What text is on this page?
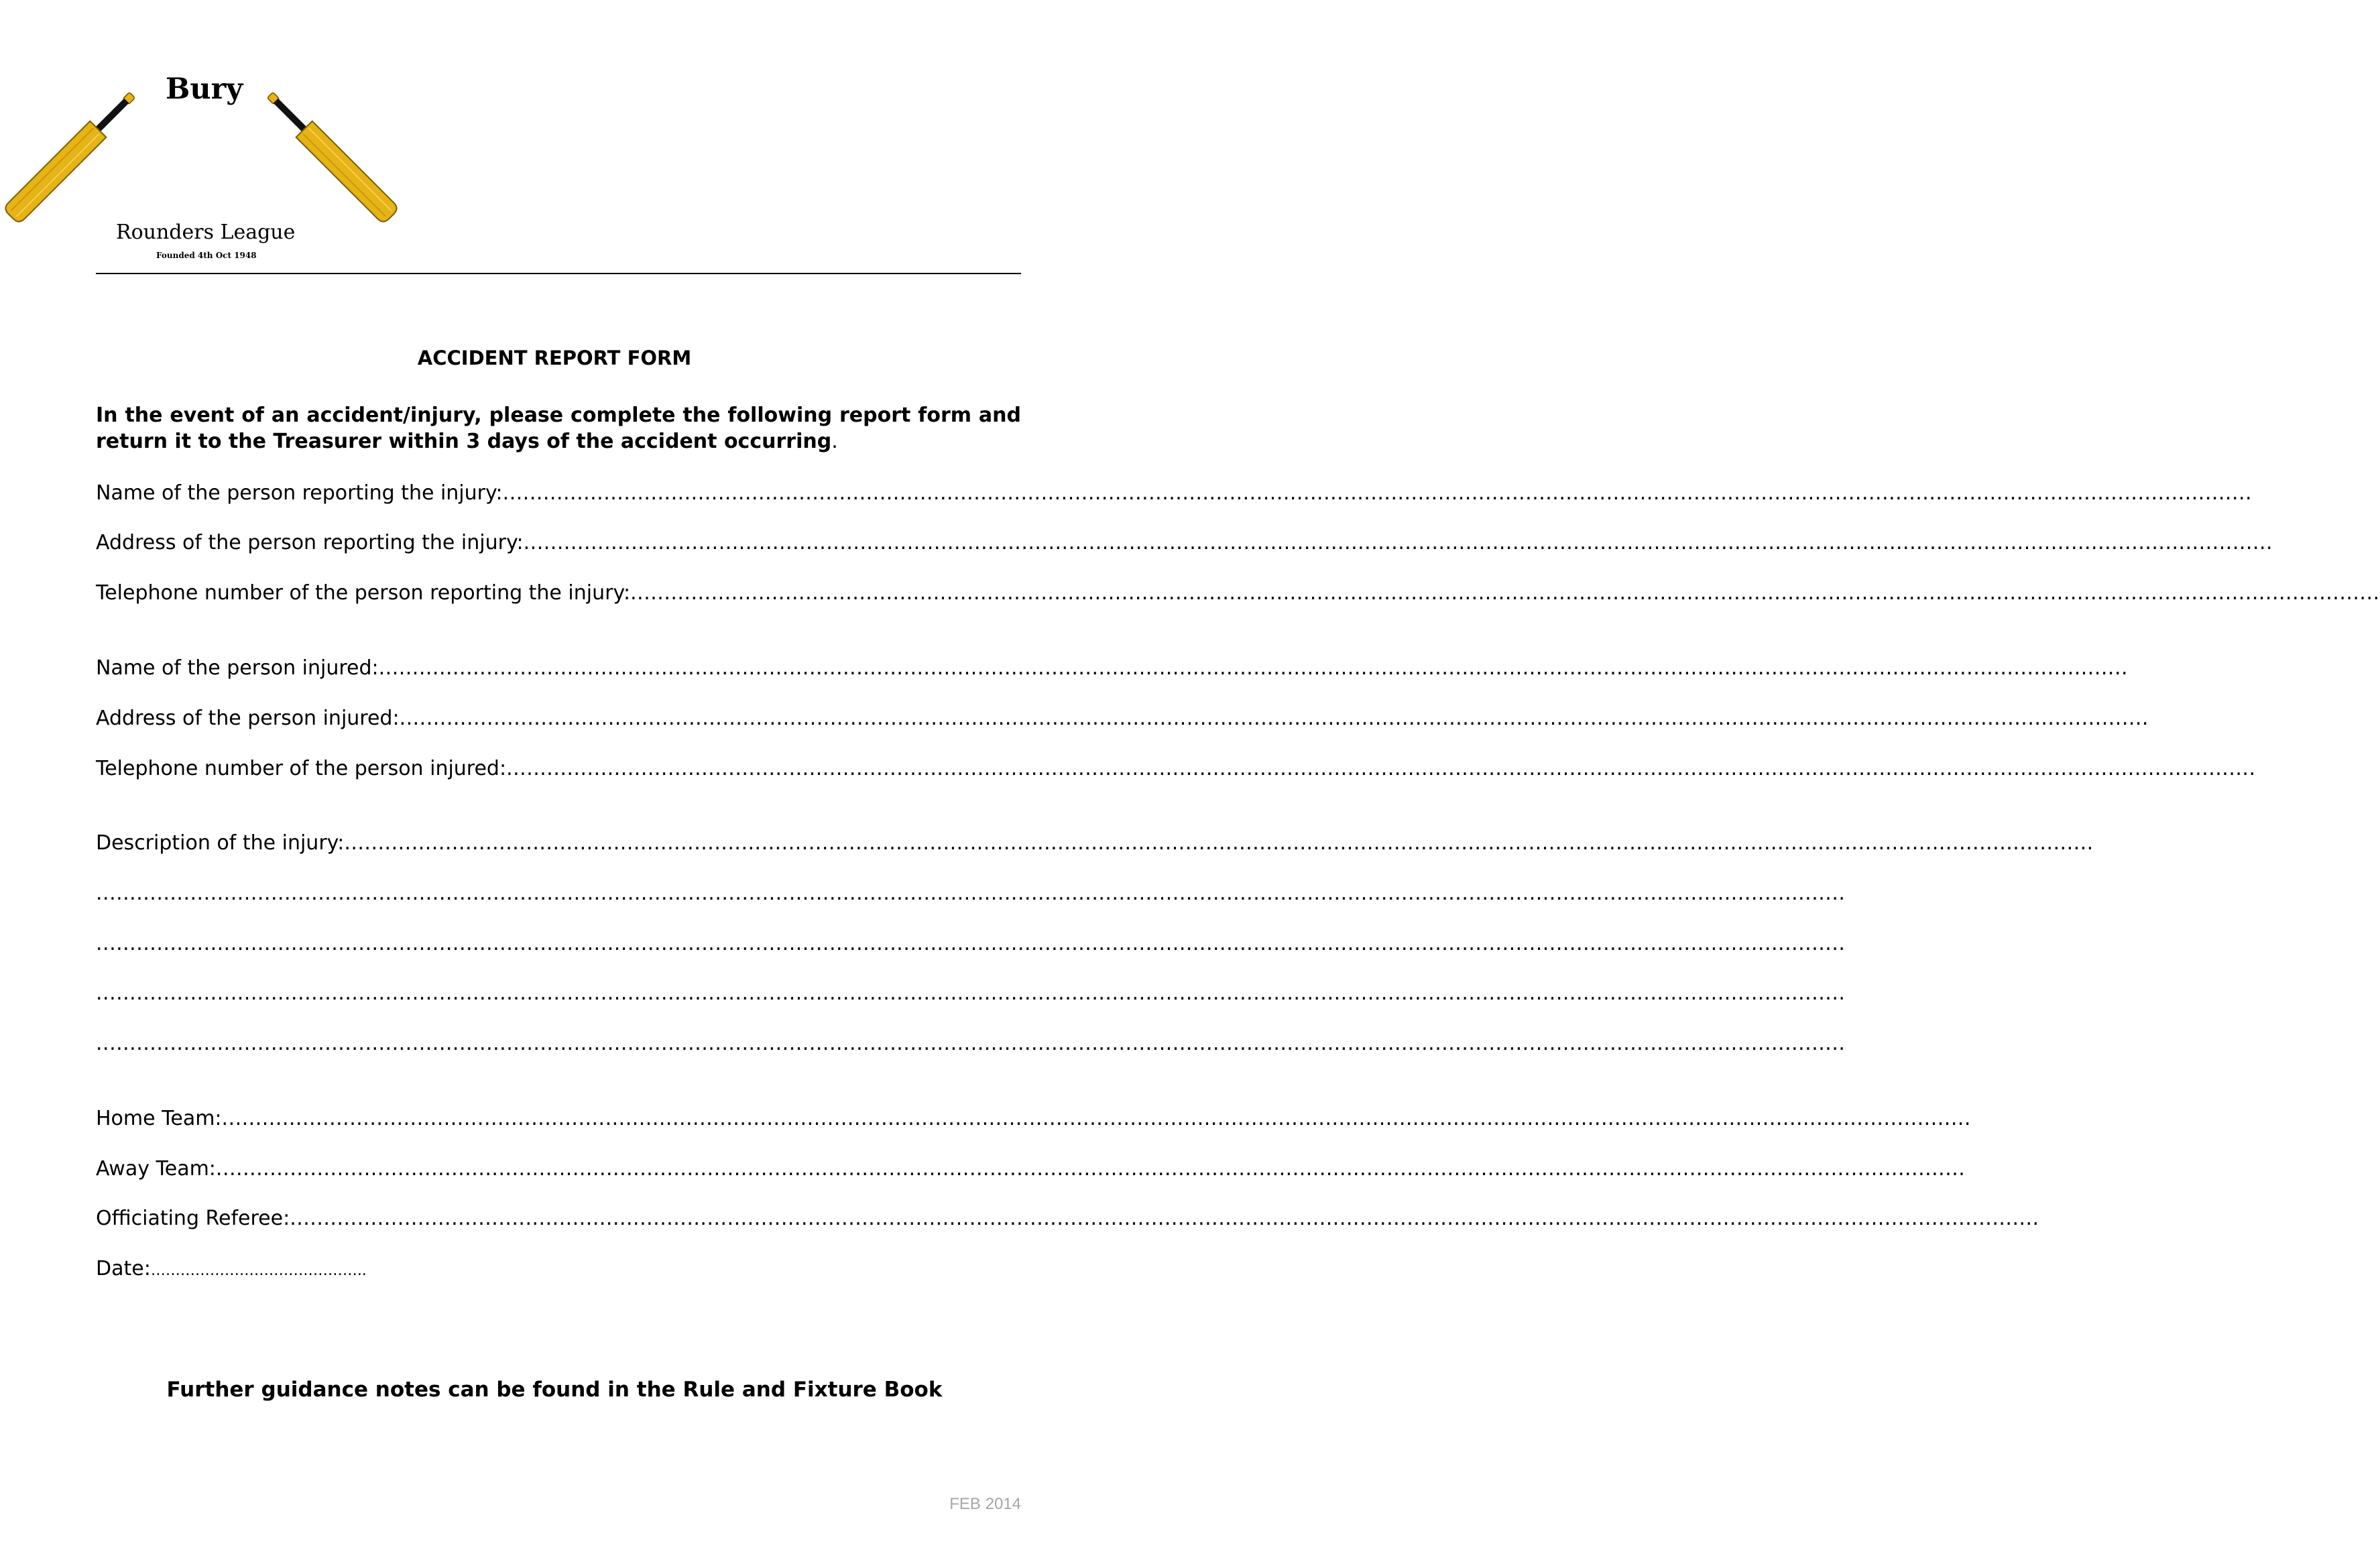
Bury
Rounders League
Founded 4th Oct 1948
ACCIDENT REPORT FORM

In the event of an accident/injury, please complete the following report form and return it to the Treasurer within 3 days of the accident occurring.

Name of the person reporting the injury: ....................................................................................................................................................................................................................................................................
Address of the person reporting the injury: ....................................................................................................................................................................................................................................................................
Telephone number of the person reporting the injury: ....................................................................................................................................................................................................................................................................
Name of the person injured: ....................................................................................................................................................................................................................................................................
Address of the person injured: ....................................................................................................................................................................................................................................................................
Telephone number of the person injured: ....................................................................................................................................................................................................................................................................
Description of the injury: ....................................................................................................................................................................................................................................................................
....................................................................................................................................................................................................................................................................
....................................................................................................................................................................................................................................................................
....................................................................................................................................................................................................................................................................
....................................................................................................................................................................................................................................................................
Home Team: ....................................................................................................................................................................................................................................................................
Away Team: ....................................................................................................................................................................................................................................................................
Officiating Referee: ....................................................................................................................................................................................................................................................................
Date:……………………………………..

Further guidance notes can be found in the Rule and Fixture Book

FEB 2014
